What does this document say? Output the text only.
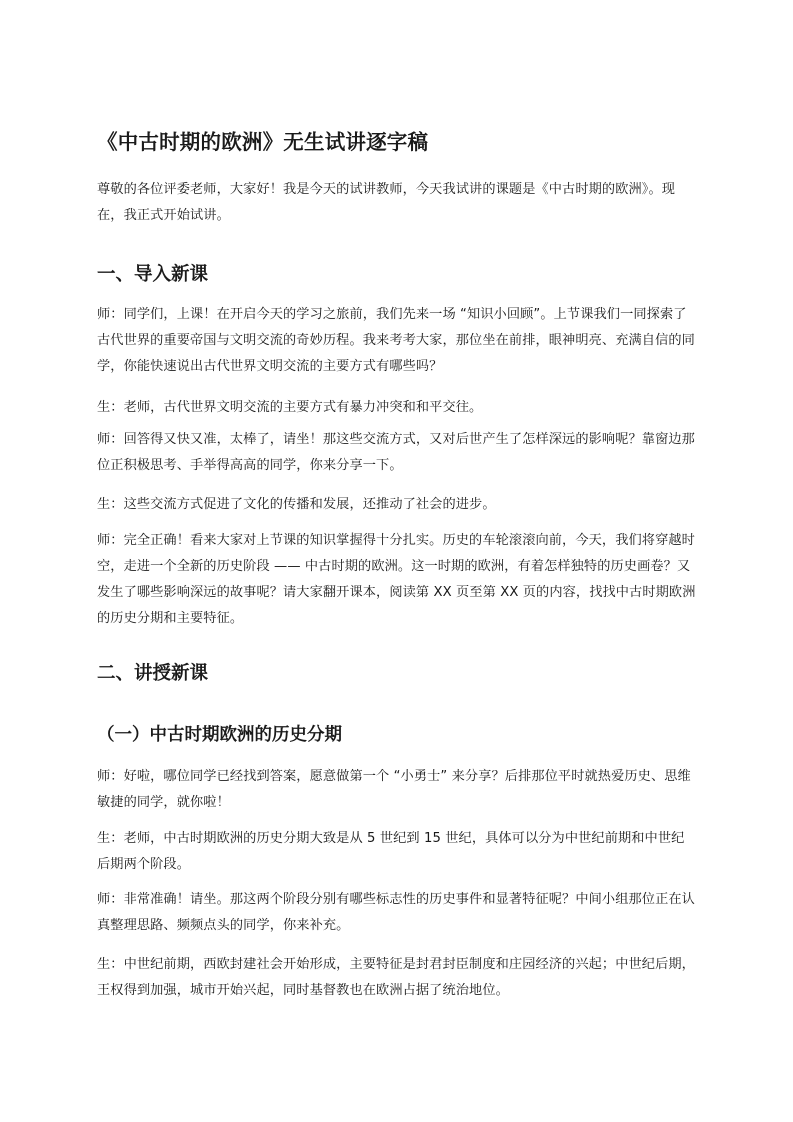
《中古时期的欧洲》无生试讲逐字稿

尊敬的各位评委老师，大家好！我是今天的试讲教师，今天我试讲的课题是《中古时期的欧洲》。现在，我正式开始试讲。

一、导入新课

师：同学们，上课！在开启今天的学习之旅前，我们先来一场 “知识小回顾”。上节课我们一同探索了古代世界的重要帝国与文明交流的奇妙历程。我来考考大家，那位坐在前排，眼神明亮、充满自信的同学，你能快速说出古代世界文明交流的主要方式有哪些吗？

生：老师，古代世界文明交流的主要方式有暴力冲突和和平交往。

师：回答得又快又准，太棒了，请坐！那这些交流方式，又对后世产生了怎样深远的影响呢？靠窗边那位正积极思考、手举得高高的同学，你来分享一下。

生：这些交流方式促进了文化的传播和发展，还推动了社会的进步。

师：完全正确！看来大家对上节课的知识掌握得十分扎实。历史的车轮滚滚向前，今天，我们将穿越时空，走进一个全新的历史阶段 —— 中古时期的欧洲。这一时期的欧洲，有着怎样独特的历史画卷？又发生了哪些影响深远的故事呢？请大家翻开课本，阅读第 XX 页至第 XX 页的内容，找找中古时期欧洲的历史分期和主要特征。

二、讲授新课
（一）中古时期欧洲的历史分期

师：好啦，哪位同学已经找到答案，愿意做第一个 “小勇士” 来分享？后排那位平时就热爱历史、思维敏捷的同学，就你啦！

生：老师，中古时期欧洲的历史分期大致是从 5 世纪到 15 世纪，具体可以分为中世纪前期和中世纪后期两个阶段。

师：非常准确！请坐。那这两个阶段分别有哪些标志性的历史事件和显著特征呢？中间小组那位正在认真整理思路、频频点头的同学，你来补充。

生：中世纪前期，西欧封建社会开始形成，主要特征是封君封臣制度和庄园经济的兴起；中世纪后期，王权得到加强，城市开始兴起，同时基督教也在欧洲占据了统治地位。
